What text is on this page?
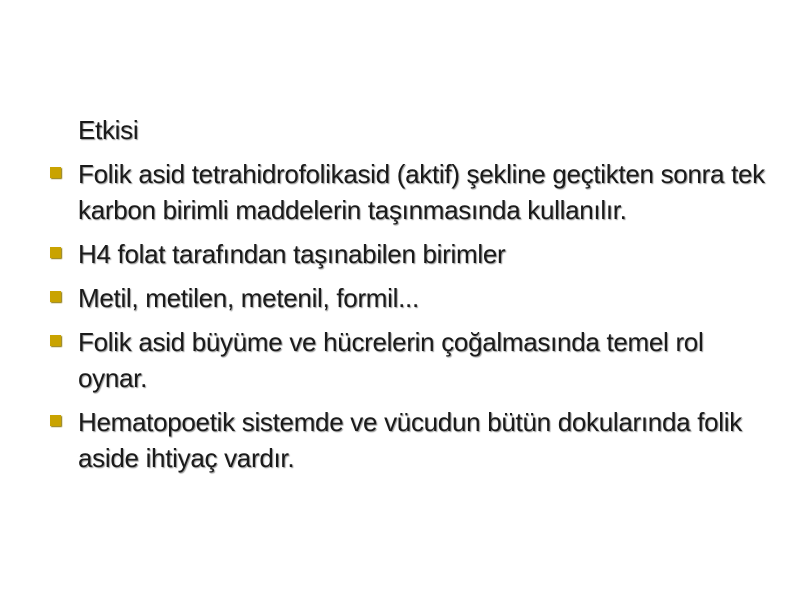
Etkisi
Folik asid tetrahidrofolikasid (aktif) şekline geçtikten sonra tek karbon birimli maddelerin taşınmasında kullanılır.
H4 folat tarafından taşınabilen birimler
Metil, metilen, metenil, formil...
Folik asid büyüme ve hücrelerin çoğalmasında temel rol oynar.
Hematopoetik sistemde ve vücudun bütün dokularında folik aside ihtiyaç vardır.
